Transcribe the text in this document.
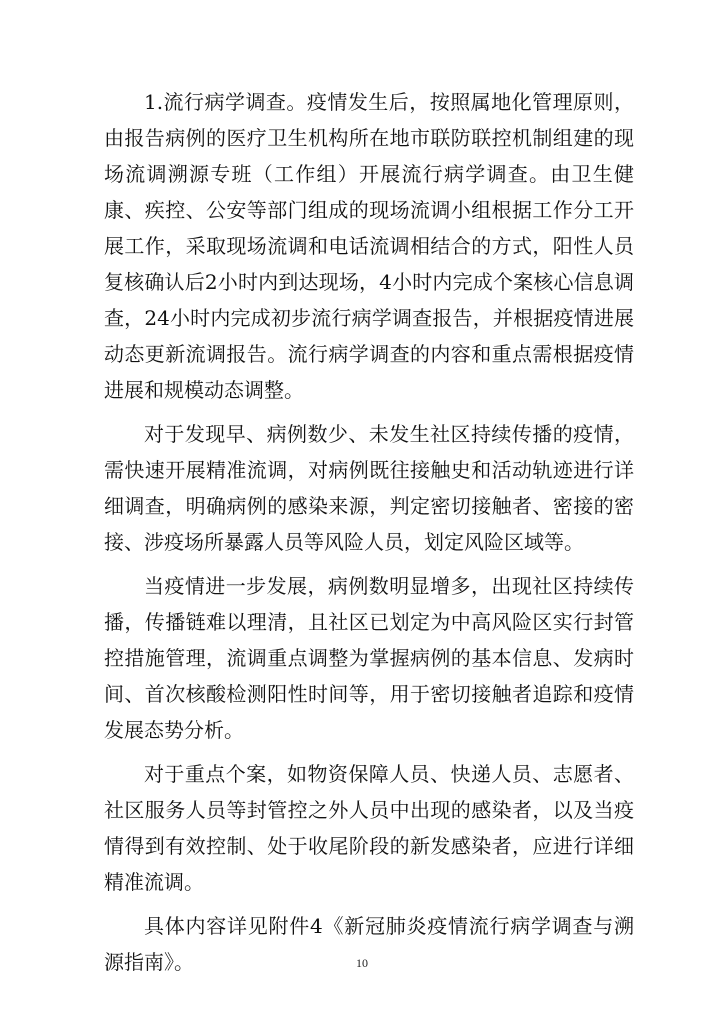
1.流行病学调查。疫情发生后，按照属地化管理原则，由报告病例的医疗卫生机构所在地市联防联控机制组建的现场流调溯源专班（工作组）开展流行病学调查。由卫生健康、疾控、公安等部门组成的现场流调小组根据工作分工开展工作，采取现场流调和电话流调相结合的方式，阳性人员复核确认后2小时内到达现场，4小时内完成个案核心信息调查，24小时内完成初步流行病学调查报告，并根据疫情进展动态更新流调报告。流行病学调查的内容和重点需根据疫情进展和规模动态调整。

对于发现早、病例数少、未发生社区持续传播的疫情，需快速开展精准流调，对病例既往接触史和活动轨迹进行详细调查，明确病例的感染来源，判定密切接触者、密接的密接、涉疫场所暴露人员等风险人员，划定风险区域等。

当疫情进一步发展，病例数明显增多，出现社区持续传播，传播链难以理清，且社区已划定为中高风险区实行封管控措施管理，流调重点调整为掌握病例的基本信息、发病时间、首次核酸检测阳性时间等，用于密切接触者追踪和疫情发展态势分析。

对于重点个案，如物资保障人员、快递人员、志愿者、社区服务人员等封管控之外人员中出现的感染者，以及当疫情得到有效控制、处于收尾阶段的新发感染者，应进行详细精准流调。

具体内容详见附件4《新冠肺炎疫情流行病学调查与溯源指南》。	10
